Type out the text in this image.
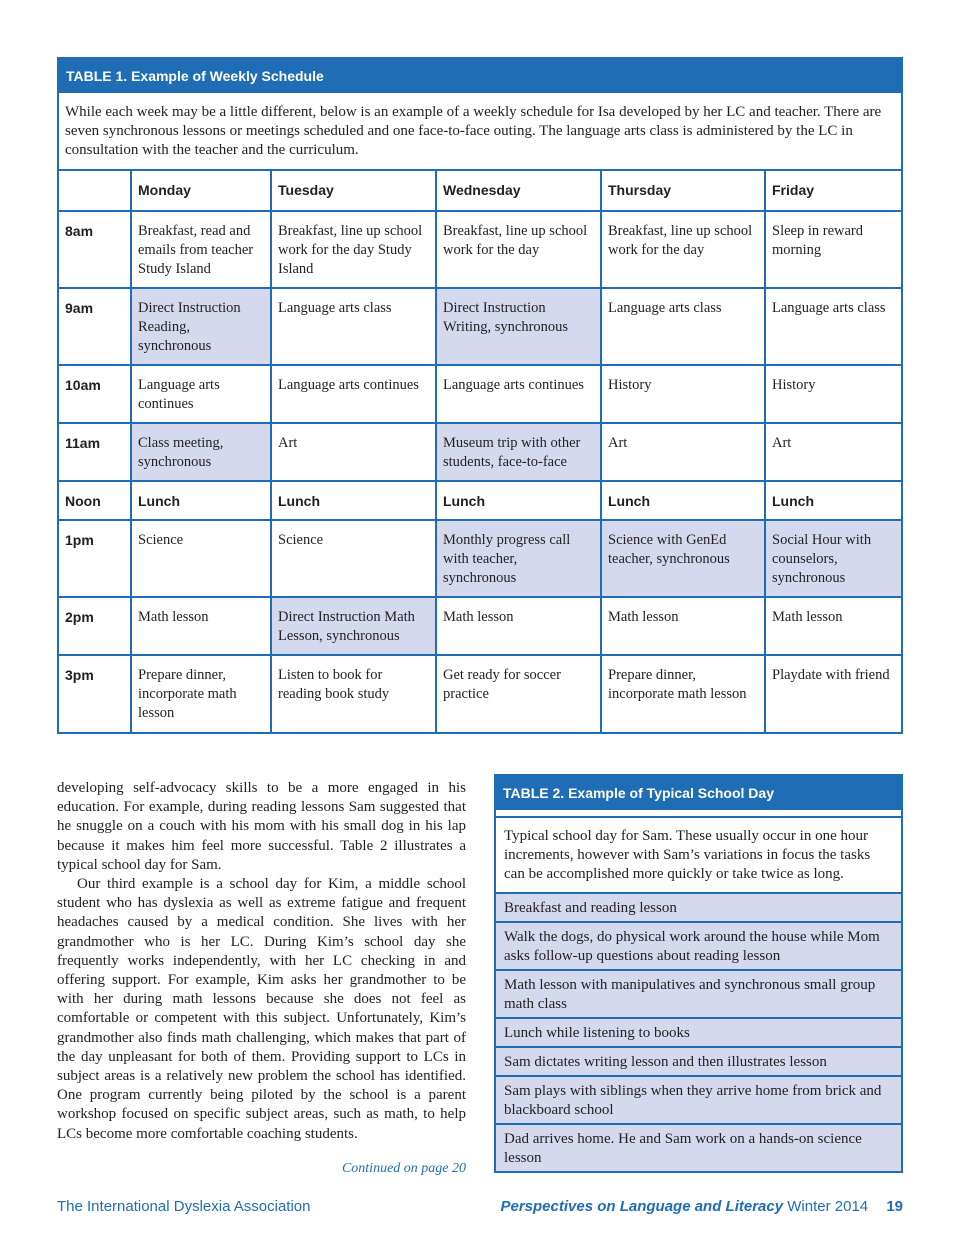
TABLE 1. Example of Weekly Schedule
While each week may be a little different, below is an example of a weekly schedule for Isa developed by her LC and teacher. There are seven synchronous lessons or meetings scheduled and one face-to-face outing. The language arts class is administered by the LC in consultation with the teacher and the curriculum.
	Monday	Tuesday	Wednesday	Thursday	Friday
8am	Breakfast, read and emails from teacher Study Island	Breakfast, line up school work for the day Study Island	Breakfast, line up school work for the day	Breakfast, line up school work for the day	Sleep in reward morning
9am	Direct Instruction Reading, synchronous	Language arts class	Direct Instruction Writing, synchronous	Language arts class	Language arts class
10am	Language arts continues	Language arts continues	Language arts continues	History	History
11am	Class meeting, synchronous	Art	Museum trip with other students, face-to-face	Art	Art
Noon	Lunch	Lunch	Lunch	Lunch	Lunch
1pm	Science	Science	Monthly progress call with teacher, synchronous	Science with GenEd teacher, synchronous	Social Hour with counselors, synchronous
2pm	Math lesson	Direct Instruction Math Lesson, synchronous	Math lesson	Math lesson	Math lesson
3pm	Prepare dinner, incorporate math lesson	Listen to book for reading book study	Get ready for soccer practice	Prepare dinner, incorporate math lesson	Playdate with friend

developing self-advocacy skills to be a more engaged in his education. For example, during reading lessons Sam suggested that he snuggle on a couch with his mom with his small dog in his lap because it makes him feel more successful. Table 2 illustrates a typical school day for Sam.

Our third example is a school day for Kim, a middle school student who has dyslexia as well as extreme fatigue and frequent headaches caused by a medical condition. She lives with her grandmother who is her LC. During Kim’s school day she frequently works independently, with her LC checking in and offering support. For example, Kim asks her grandmother to be with her during math lessons because she does not feel as comfortable or competent with this subject. Unfortunately, Kim’s grandmother also finds math challenging, which makes that part of the day unpleasant for both of them. Providing support to LCs in subject areas is a relatively new problem the school has identified. One program currently being piloted by the school is a parent workshop focused on specific subject areas, such as math, to help LCs become more comfortable coaching students.

Continued on page 20
TABLE 2. Example of Typical School Day
Typical school day for Sam. These usually occur in one hour increments, however with Sam’s variations in focus the tasks can be accomplished more quickly or take twice as long.
Breakfast and reading lesson
Walk the dogs, do physical work around the house while Mom asks follow-up questions about reading lesson
Math lesson with manipulatives and synchronous small group math class
Lunch while listening to books
Sam dictates writing lesson and then illustrates lesson
Sam plays with siblings when they arrive home from brick and blackboard school
Dad arrives home. He and Sam work on a hands-on science lesson
The International Dyslexia Association	Perspectives on Language and Literacy Winter 2014 19
